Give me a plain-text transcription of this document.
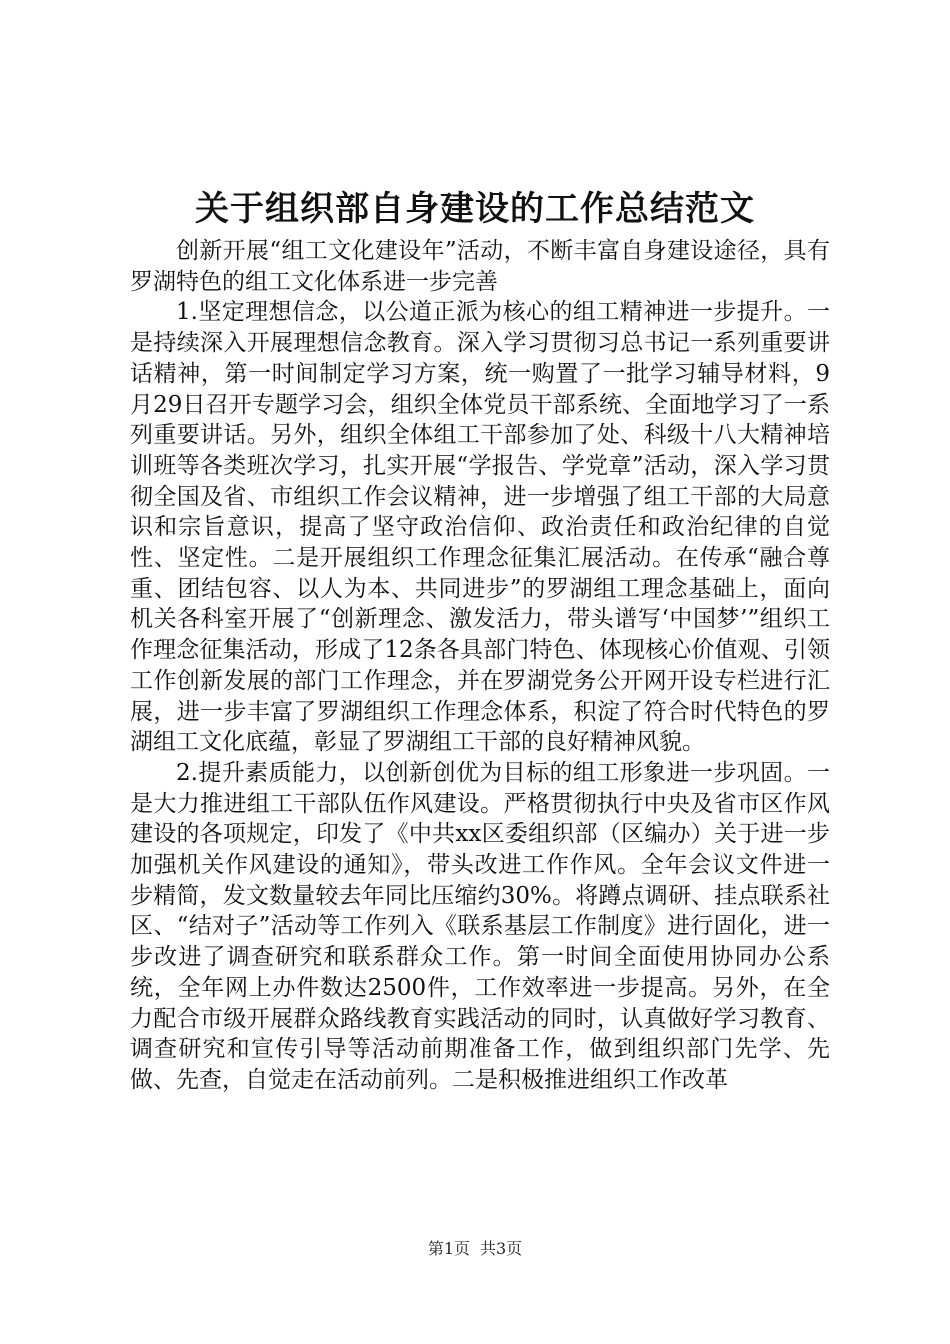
关于组织部自身建设的工作总结范文

创新开展“组工文化建设年”活动，不断丰富自身建设途径，具有罗湖特色的组工文化体系进一步完善

1.坚定理想信念，以公道正派为核心的组工精神进一步提升。一是持续深入开展理想信念教育。深入学习贯彻习总书记一系列重要讲话精神，第一时间制定学习方案，统一购置了一批学习辅导材料，9月29日召开专题学习会，组织全体党员干部系统、全面地学习了一系列重要讲话。另外，组织全体组工干部参加了处、科级十八大精神培训班等各类班次学习，扎实开展“学报告、学党章”活动，深入学习贯彻全国及省、市组织工作会议精神，进一步增强了组工干部的大局意识和宗旨意识，提高了坚守政治信仰、政治责任和政治纪律的自觉性、坚定性。二是开展组织工作理念征集汇展活动。在传承“融合尊重、团结包容、以人为本、共同进步”的罗湖组工理念基础上，面向机关各科室开展了“创新理念、激发活力，带头谱写‘中国梦’”组织工作理念征集活动，形成了12条各具部门特色、体现核心价值观、引领工作创新发展的部门工作理念，并在罗湖党务公开网开设专栏进行汇展，进一步丰富了罗湖组织工作理念体系，积淀了符合时代特色的罗湖组工文化底蕴，彰显了罗湖组工干部的良好精神风貌。

2.提升素质能力，以创新创优为目标的组工形象进一步巩固。一是大力推进组工干部队伍作风建设。严格贯彻执行中央及省市区作风建设的各项规定，印发了《中共xx区委组织部（区编办）关于进一步加强机关作风建设的通知》，带头改进工作作风。全年会议文件进一步精简，发文数量较去年同比压缩约30%。将蹲点调研、挂点联系社区、“结对子”活动等工作列入《联系基层工作制度》进行固化，进一步改进了调查研究和联系群众工作。第一时间全面使用协同办公系统，全年网上办件数达2500件，工作效率进一步提高。另外，在全力配合市级开展群众路线教育实践活动的同时，认真做好学习教育、调查研究和宣传引导等活动前期准备工作，做到组织部门先学、先做、先查，自觉走在活动前列。二是积极推进组织工作改革

第1页 共3页
